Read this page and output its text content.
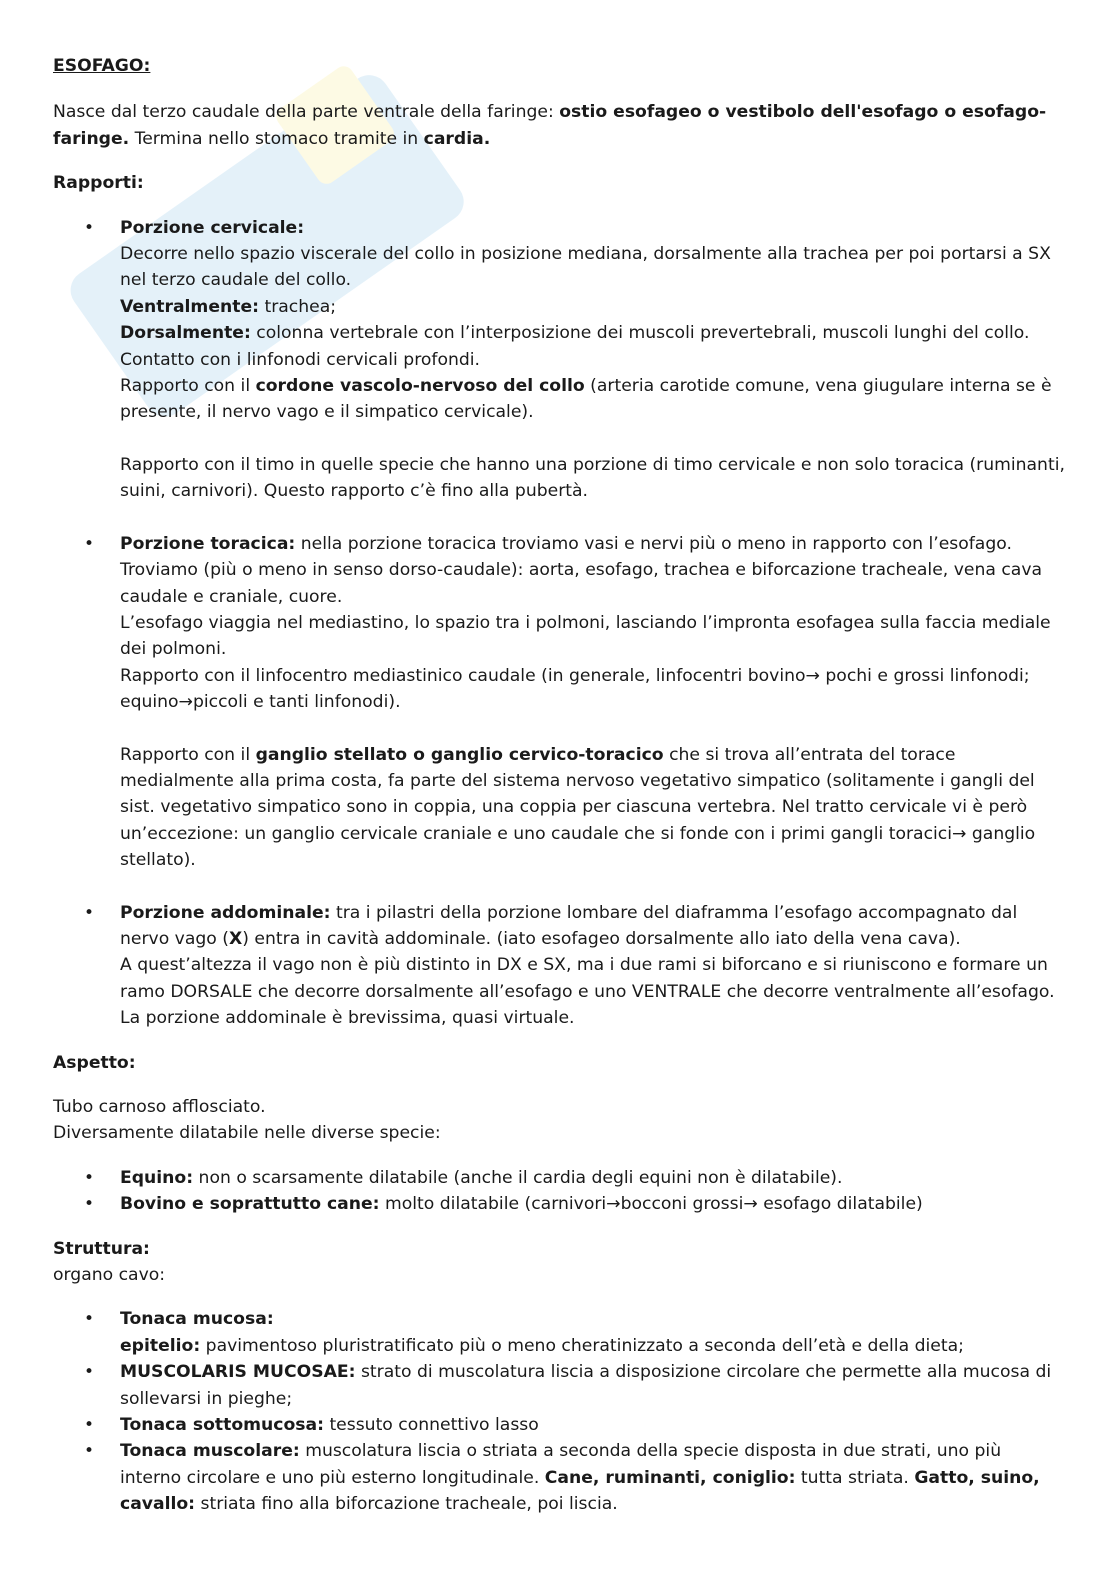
ESOFAGO:

Nasce dal terzo caudale della parte ventrale della faringe: ostio esofageo o vestibolo dell'esofago o esofago-faringe. Termina nello stomaco tramite in cardia.

Rapporti:

• Porzione cervicale:
Decorre nello spazio viscerale del collo in posizione mediana, dorsalmente alla trachea per poi portarsi a SX nel terzo caudale del collo.
Ventralmente: trachea;
Dorsalmente: colonna vertebrale con l’interposizione dei muscoli prevertebrali, muscoli lunghi del collo.
Contatto con i linfonodi cervicali profondi.
Rapporto con il cordone vascolo-nervoso del collo (arteria carotide comune, vena giugulare interna se è presente, il nervo vago e il simpatico cervicale).

Rapporto con il timo in quelle specie che hanno una porzione di timo cervicale e non solo toracica (ruminanti, suini, carnivori). Questo rapporto c’è fino alla pubertà.

• Porzione toracica: nella porzione toracica troviamo vasi e nervi più o meno in rapporto con l’esofago. Troviamo (più o meno in senso dorso-caudale): aorta, esofago, trachea e biforcazione tracheale, vena cava caudale e craniale, cuore.
L’esofago viaggia nel mediastino, lo spazio tra i polmoni, lasciando l’impronta esofagea sulla faccia mediale dei polmoni.
Rapporto con il linfocentro mediastinico caudale (in generale, linfocentri bovino→ pochi e grossi linfonodi; equino→piccoli e tanti linfonodi).

Rapporto con il ganglio stellato o ganglio cervico-toracico che si trova all’entrata del torace medialmente alla prima costa, fa parte del sistema nervoso vegetativo simpatico (solitamente i gangli del sist. vegetativo simpatico sono in coppia, una coppia per ciascuna vertebra. Nel tratto cervicale vi è però un’eccezione: un ganglio cervicale craniale e uno caudale che si fonde con i primi gangli toracici→ ganglio stellato).

• Porzione addominale: tra i pilastri della porzione lombare del diaframma l’esofago accompagnato dal nervo vago (X) entra in cavità addominale. (iato esofageo dorsalmente allo iato della vena cava).
A quest’altezza il vago non è più distinto in DX e SX, ma i due rami si biforcano e si riuniscono e formare un ramo DORSALE che decorre dorsalmente all’esofago e uno VENTRALE che decorre ventralmente all’esofago. La porzione addominale è brevissima, quasi virtuale.

Aspetto:

Tubo carnoso afflosciato.

Diversamente dilatabile nelle diverse specie:

• Equino: non o scarsamente dilatabile (anche il cardia degli equini non è dilatabile).
• Bovino e soprattutto cane: molto dilatabile (carnivori→bocconi grossi→ esofago dilatabile)

Struttura:

organo cavo:

• Tonaca mucosa:
epitelio: pavimentoso pluristratificato più o meno cheratinizzato a seconda dell’età e della dieta;
• MUSCOLARIS MUCOSAE: strato di muscolatura liscia a disposizione circolare che permette alla mucosa di sollevarsi in pieghe;
• Tonaca sottomucosa: tessuto connettivo lasso
• Tonaca muscolare: muscolatura liscia o striata a seconda della specie disposta in due strati, uno più interno circolare e uno più esterno longitudinale. Cane, ruminanti, coniglio: tutta striata. Gatto, suino, cavallo: striata fino alla biforcazione tracheale, poi liscia.
